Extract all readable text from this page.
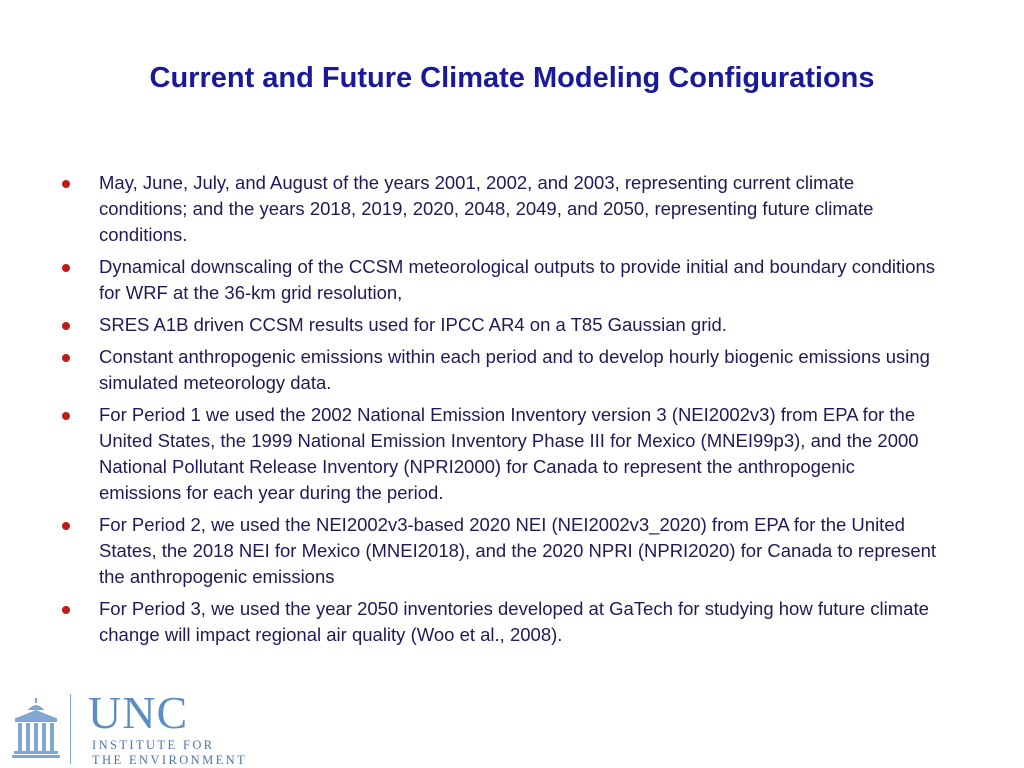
Current and Future Climate Modeling Configurations
May, June, July, and August of the years 2001, 2002, and 2003, representing current climate conditions; and the years 2018, 2019, 2020, 2048, 2049, and 2050, representing future climate conditions.
Dynamical downscaling of the CCSM meteorological outputs to provide initial and boundary conditions for WRF at the 36-km grid resolution,
SRES A1B driven CCSM results used for IPCC AR4 on a T85 Gaussian grid.
Constant anthropogenic emissions within each period and to develop hourly biogenic emissions using simulated meteorology data.
For Period 1 we used the 2002 National Emission Inventory version 3 (NEI2002v3) from EPA for the United States, the 1999 National Emission Inventory Phase III for Mexico (MNEI99p3), and the 2000 National Pollutant Release Inventory (NPRI2000) for Canada to represent the anthropogenic emissions for each year during the period.
For Period 2, we used the NEI2002v3-based 2020 NEI (NEI2002v3_2020) from EPA for the United States, the 2018 NEI for Mexico (MNEI2018), and the 2020 NPRI (NPRI2020) for Canada to represent the anthropogenic emissions
For Period 3, we used the year 2050 inventories developed at GaTech for studying how future climate change will impact regional air quality (Woo et al., 2008).
UNC
INSTITUTE FOR
THE ENVIRONMENT
